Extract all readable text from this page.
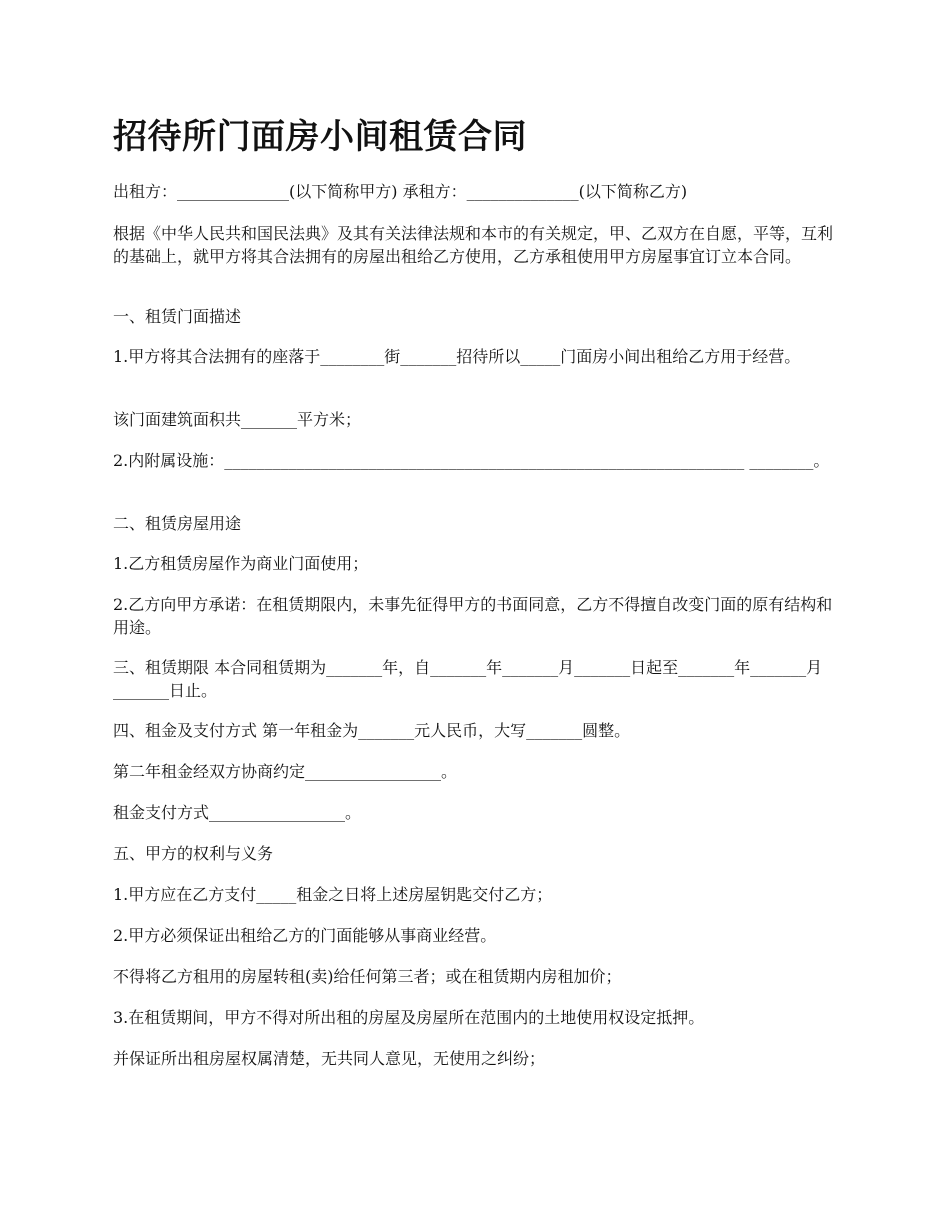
招待所门面房小间租赁合同

出租方：______________(以下简称甲方) 承租方：______________(以下简称乙方)

根据《中华人民共和国民法典》及其有关法律法规和本市的有关规定，甲、乙双方在自愿，平等，互利的基础上，就甲方将其合法拥有的房屋出租给乙方使用，乙方承租使用甲方房屋事宜订立本合同。

一、租赁门面描述

1.甲方将其合法拥有的座落于________街_______招待所以_____门面房小间出租给乙方用于经营。

该门面建筑面积共_______平方米；

2.内附属设施：_________________________________________________________________ ________。

二、租赁房屋用途

1.乙方租赁房屋作为商业门面使用；

2.乙方向甲方承诺：在租赁期限内，未事先征得甲方的书面同意，乙方不得擅自改变门面的原有结构和用途。

三、租赁期限 本合同租赁期为_______年，自_______年_______月_______日起至_______年_______月_______日止。

四、租金及支付方式 第一年租金为_______元人民币，大写_______圆整。

第二年租金经双方协商约定_________________。

租金支付方式_________________。

五、甲方的权利与义务

1.甲方应在乙方支付_____租金之日将上述房屋钥匙交付乙方；

2.甲方必须保证出租给乙方的门面能够从事商业经营。

不得将乙方租用的房屋转租(卖)给任何第三者；或在租赁期内房租加价；

3.在租赁期间，甲方不得对所出租的房屋及房屋所在范围内的土地使用权设定抵押。

并保证所出租房屋权属清楚，无共同人意见，无使用之纠纷；
